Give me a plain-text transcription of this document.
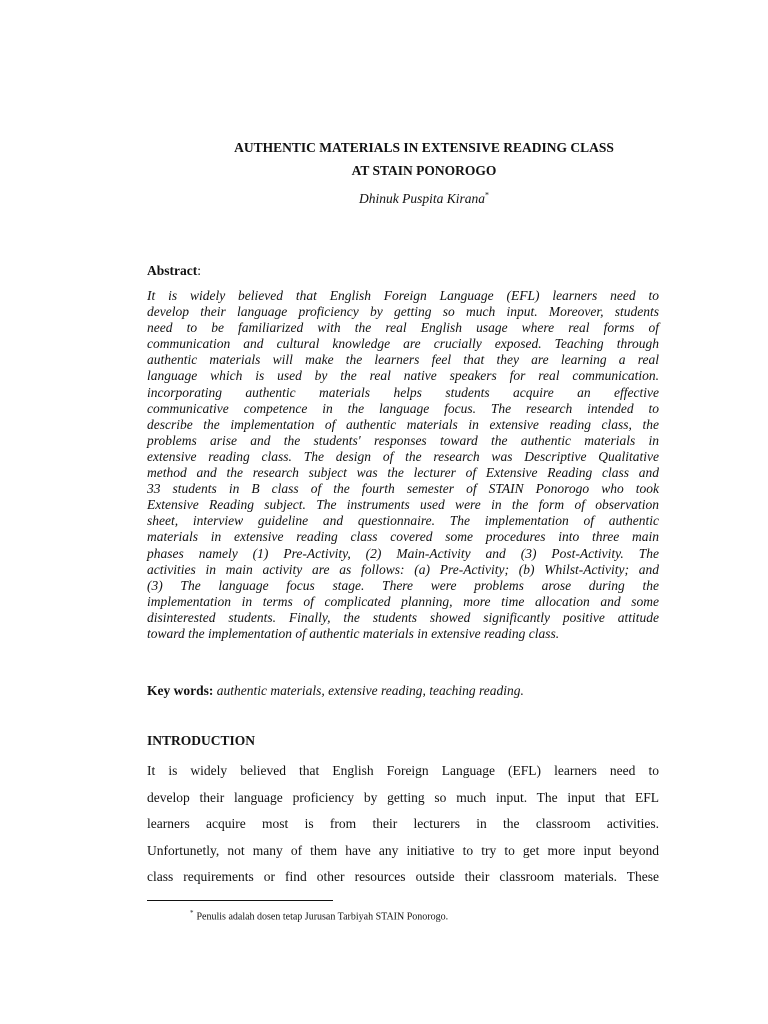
AUTHENTIC MATERIALS IN EXTENSIVE READING CLASS
AT STAIN PONOROGO
Dhinuk Puspita Kirana*
Abstract:
It is widely believed that English Foreign Language (EFL) learners need to
develop their language proficiency by getting so much input. Moreover, students
need to be familiarized with the real English usage where real forms of
communication and cultural knowledge are crucially exposed. Teaching through
authentic materials will make the learners feel that they are learning a real
language which is used by the real native speakers for real communication.
incorporating authentic materials helps students acquire an effective
communicative competence in the language focus. The research intended to
describe the implementation of authentic materials in extensive reading class, the
problems arise and the students' responses toward the authentic materials in
extensive reading class. The design of the research was Descriptive Qualitative
method and the research subject was the lecturer of Extensive Reading class and
33 students in B class of the fourth semester of STAIN Ponorogo who took
Extensive Reading subject. The instruments used were in the form of observation
sheet, interview guideline and questionnaire. The implementation of authentic
materials in extensive reading class covered some procedures into three main
phases namely (1) Pre-Activity, (2) Main-Activity and (3) Post-Activity. The
activities in main activity are as follows: (a) Pre-Activity; (b) Whilst-Activity; and
(3) The language focus stage. There were problems arose during the
implementation in terms of complicated planning, more time allocation and some
disinterested students. Finally, the students showed significantly positive attitude
toward the implementation of authentic materials in extensive reading class.
Key words: authentic materials, extensive reading, teaching reading.
INTRODUCTION
It is widely believed that English Foreign Language (EFL) learners need to
develop their language proficiency by getting so much input. The input that EFL
learners acquire most is from their lecturers in the classroom activities.
Unfortunetly, not many of them have any initiative to try to get more input beyond
class requirements or find other resources outside their classroom materials. These
* Penulis adalah dosen tetap Jurusan Tarbiyah STAIN Ponorogo.
